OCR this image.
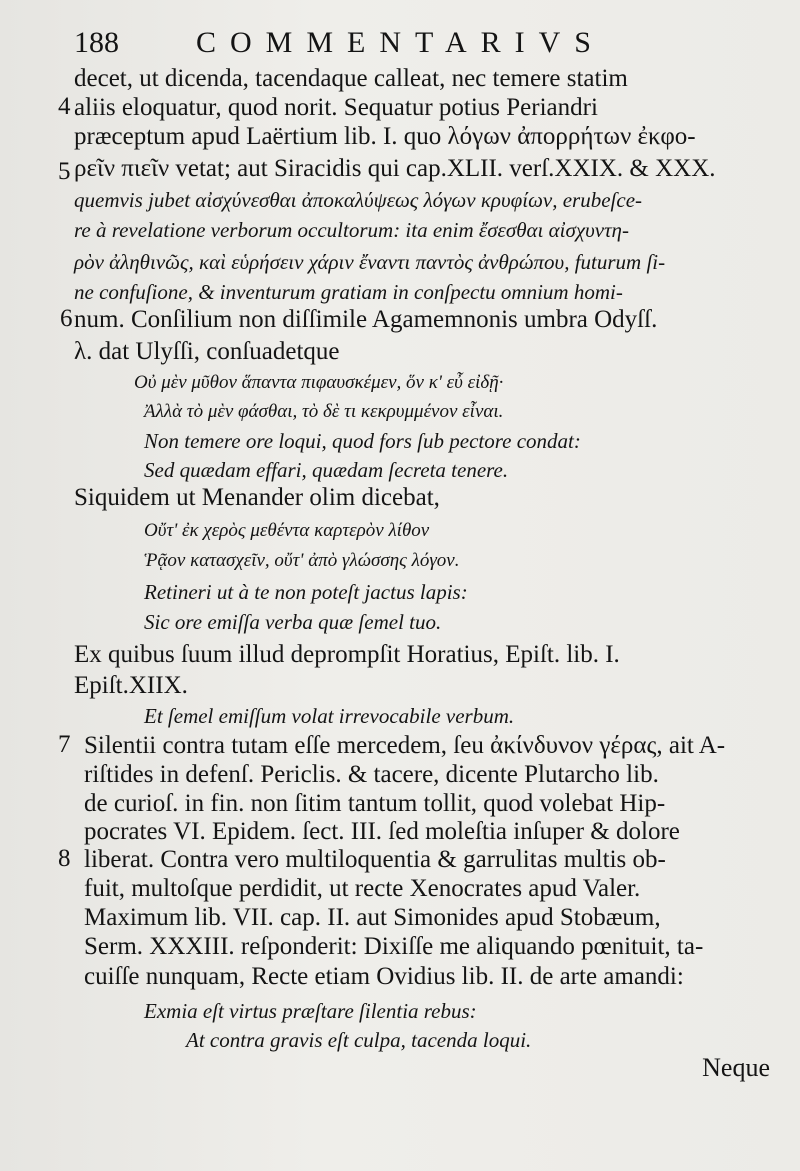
188	COMMENTARIVS
4
5
6
7
8
decet, ut dicenda, tacendaque calleat, nec temere statim
aliis eloquatur, quod norit. Sequatur potius Periandri
præceptum apud Laërtium lib. I. quo λόγων ἀπορρήτων ἐκφο-
ρεῖν πιεῖν vetat; aut Siracidis qui cap.XLII. verſ.XXIX. & XXX.
quemvis jubet αἰσχύνεσθαι ἀποκαλύψεως λόγων κρυφίων, erubeſce-
re à revelatione verborum occultorum: ita enim ἔσεσθαι αἰσχυντη-
ρὸν ἀληθινῶς, καὶ εὑρήσειν χάριν ἔναντι παντὸς ἀνθρώπου, futurum ſi-
ne confuſione, & inventurum gratiam in conſpectu omnium homi-
num. Conſilium non diſſimile Agamemnonis umbra Odyſſ.
λ. dat Ulyſſi, conſuadetque
Οὐ μὲν μῦθον ἅπαντα πιφαυσκέμεν, ὅν κ' εὖ εἰδῇ·
Ἀλλὰ τὸ μὲν φάσθαι, τὸ δὲ τι κεκρυμμένον εἶναι.
Non temere ore loqui, quod fors ſub pectore condat:
Sed quædam effari, quædam ſecreta tenere.
Siquidem ut Menander olim dicebat,
Οὔτ' ἐκ χερὸς μεθέντα καρτερὸν λίθον
Ῥᾷον κατασχεῖν, οὔτ' ἀπὸ γλώσσης λόγον.
Retineri ut à te non poteſt jactus lapis:
Sic ore emiſſa verba quæ ſemel tuo.
Ex quibus ſuum illud deprompſit Horatius, Epiſt. lib. I.
Epiſt.XIIX.
Et ſemel emiſſum volat irrevocabile verbum.
Silentii contra tutam eſſe mercedem, ſeu ἀκίνδυνον γέρας, ait A-
riſtides in defenſ. Periclis. & tacere, dicente Plutarcho lib.
de curioſ. in fin. non ſitim tantum tollit, quod volebat Hip-
pocrates VI. Epidem. ſect. III. ſed moleſtia inſuper & dolore
liberat. Contra vero multiloquentia & garrulitas multis ob-
fuit, multoſque perdidit, ut recte Xenocrates apud Valer.
Maximum lib. VII. cap. II. aut Simonides apud Stobæum,
Serm. XXXIII. reſponderit: Dixiſſe me aliquando pœnituit, ta-
cuiſſe nunquam, Recte etiam Ovidius lib. II. de arte amandi:
Exmia eſt virtus præſtare ſilentia rebus:
At contra gravis eſt culpa, tacenda loqui.
Neque
